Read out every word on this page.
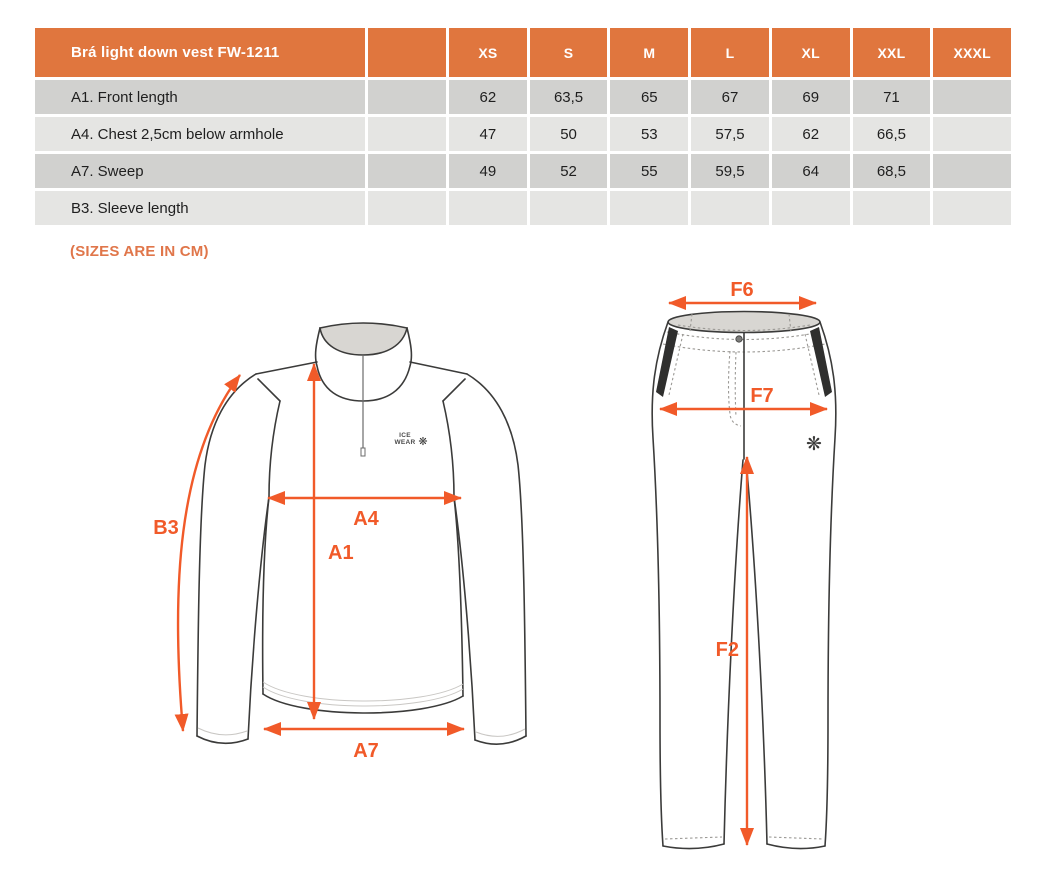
Brá light down vest FW-1211	XS	S	M	L	XL	XXL	XXXL
A1. Front length	62	63,5	65	67	69	71
A4. Chest 2,5cm below armhole	47	50	53	57,5	62	66,5
A7. Sweep	49	52	55	59,5	64	68,5
B3. Sleeve length
(SIZES ARE IN CM)
ICE
WEAR ❋
B3	A4
A1
A7
❋
F6
F7
F2
